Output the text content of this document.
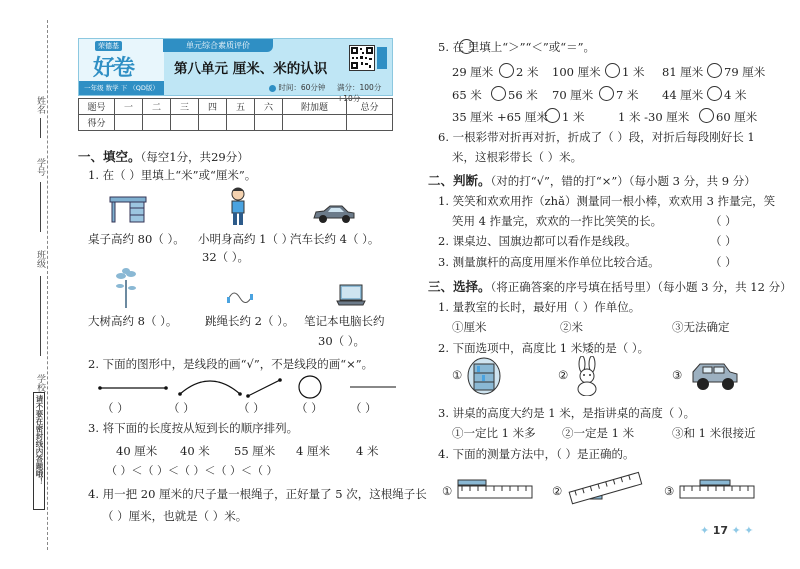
姓名
学号
班级
学校
请不要在密封线内答题哦！
荣德基
好卷
一年级 数学 下 （QD版）
单元综合素质评价
第八单元 厘米、米的认识
时间：60分钟 满分：100分+10分
题号	一	二	三	四	五	六	附加题	总分
得分								
一、填空。（每空1分，共29分）
1. 在（ ）里填上“米”或“厘米”。
桌子高约 80（ ）。 小明身高约 1（ ）
32（ ）。
汽车长约 4（ ）。
大树高约 8（ ）。 跳绳长约 2（ ）。 笔记本电脑长约
30（ ）。
2. 下面的图形中，是线段的画“√”，不是线段的画“×”。
（ ）	（ ）	（ ）	（ ） （ ）
3. 将下面的长度按从短到长的顺序排列。
40 厘米 40 米 55 厘米 4 厘米 4 米
（ ）＜（ ）＜（ ）＜（ ）＜（ ）
4. 用一把 20 厘米的尺子量一根绳子，正好量了 5 次，这根绳子长
（ ）厘米，也就是（ ）米。
5. 在 里填上“＞”“＜”或“＝”。
29 厘米 2 米 100 厘米 1 米 81 厘米 79 厘米
65 米 56 米 70 厘米 7 米 44 厘米 4 米
35 厘米 +65 厘米 1 米	1 米 -30 厘米 60 厘米
6. 一根彩带对折再对折，折成了（ ）段，对折后每段刚好长 1
米，这根彩带长（ ）米。
二、判断。（对的打“√”，错的打“×”）（每小题 3 分，共 9 分）
1. 笑笑和欢欢用拃（zhǎ）测量同一根小棒，欢欢用 3 拃量完，笑
笑用 4 拃量完，欢欢的一拃比笑笑的长。	（ ）
2. 课桌边、国旗边都可以看作是线段。	（ ）
3. 测量旗杆的高度用厘米作单位比较合适。	（ ）
三、选择。（将正确答案的序号填在括号里）（每小题 3 分，共 12 分）
1. 量教室的长时，最好用（ ）作单位。
①厘米	②米	③无法确定
2. 下面选项中，高度比 1 米矮的是（ ）。
①	②	③
3. 讲桌的高度大约是 1 米，是指讲桌的高度（ ）。
①一定比 1 米多 ②一定是 1 米	③和 1 米很接近
4. 下面的测量方法中，（ ）是正确的。
①	②	③
✦ 17 ✦ ✦
